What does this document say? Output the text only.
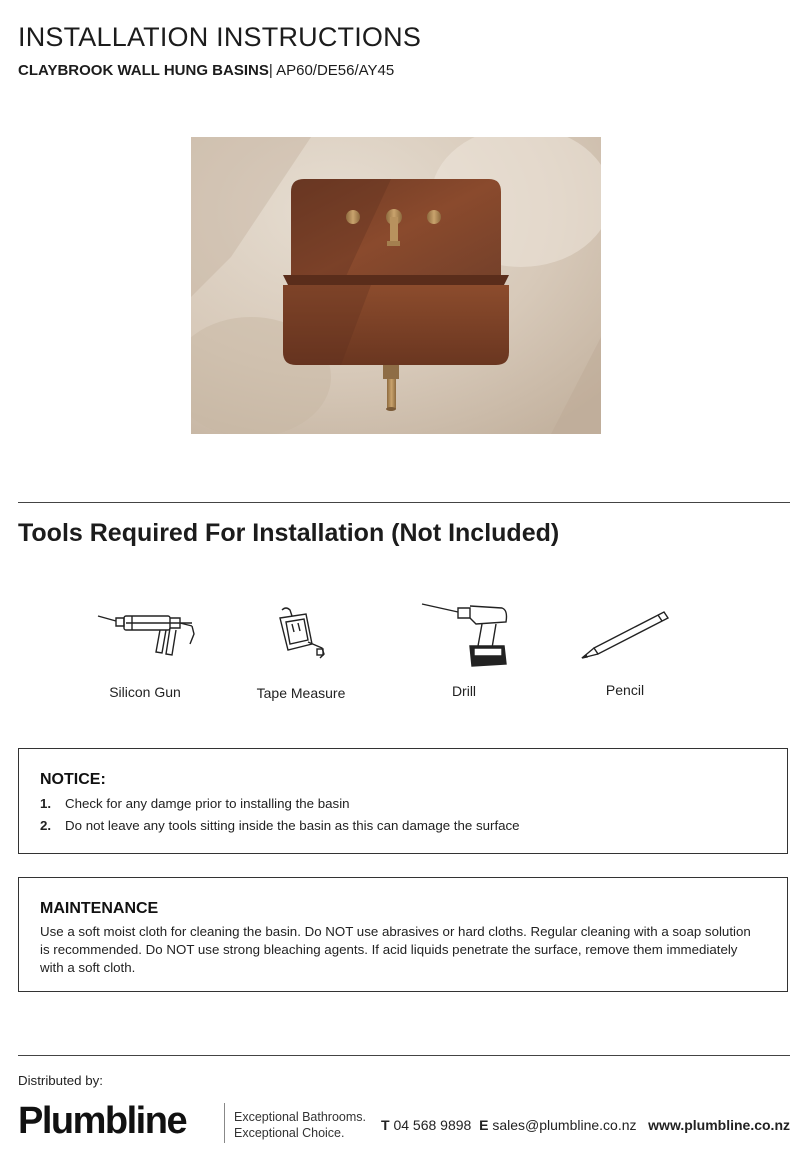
INSTALLATION INSTRUCTIONS
CLAYBROOK WALL HUNG BASINS| AP60/DE56/AY45
Tools Required For Installation (Not Included)
Silicon Gun	Tape Measure	Drill	Pencil
NOTICE:
1. Check for any damge prior to installing the basin
2. Do not leave any tools sitting inside the basin as this can damage the surface
MAINTENANCE
Use a soft moist cloth for cleaning the basin. Do NOT use abrasives or hard cloths. Regular cleaning with a soap solution is recommended. Do NOT use strong bleaching agents. If acid liquids penetrate the surface, remove them immediately with a soft cloth.
Distributed by:
Plumbline	Exceptional Bathrooms.
Exceptional Choice.	T 04 568 9898 E sales@plumbline.co.nz www.plumbline.co.nz
